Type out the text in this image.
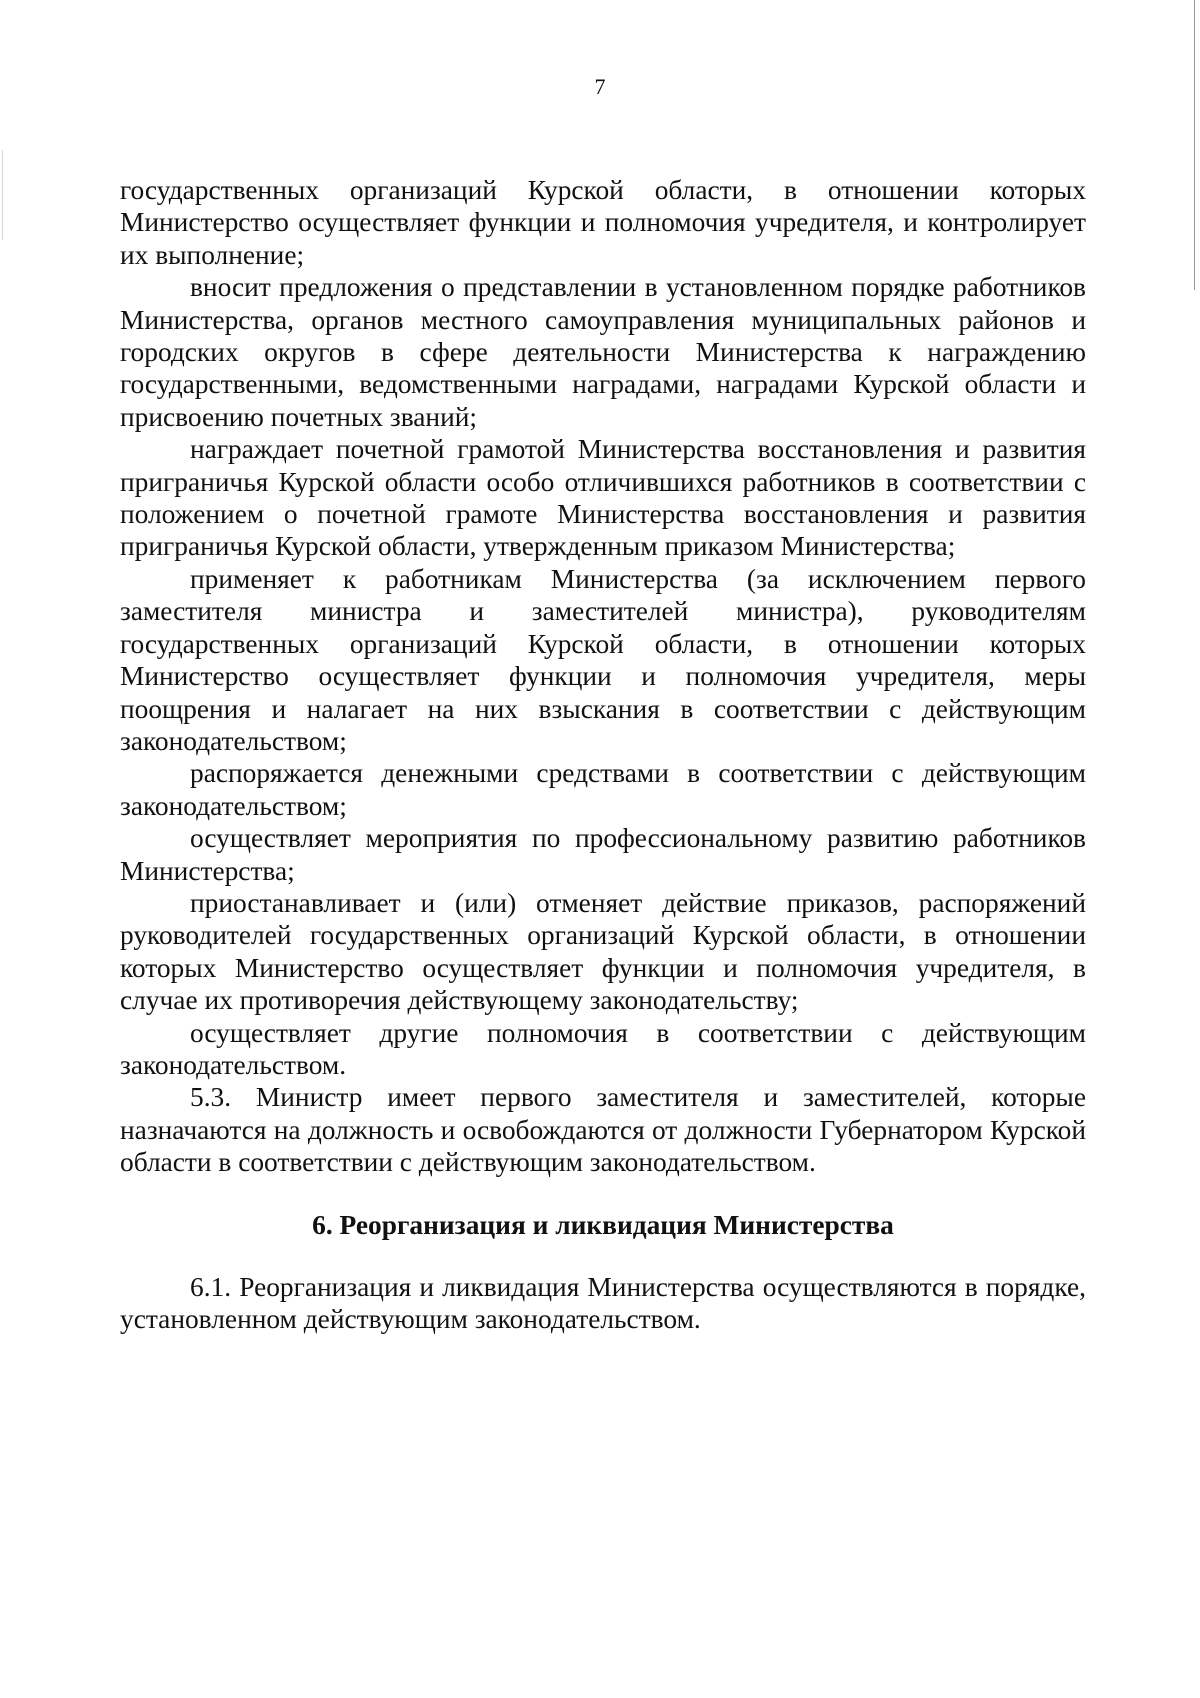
7

государственных организаций Курской области, в отношении которых Министерство осуществляет функции и полномочия учредителя, и контролирует их выполнение;

вносит предложения о представлении в установленном порядке работников Министерства, органов местного самоуправления муниципальных районов и городских округов в сфере деятельности Министерства к награждению государственными, ведомственными наградами, наградами Курской области и присвоению почетных званий;

награждает почетной грамотой Министерства восстановления и развития приграничья Курской области особо отличившихся работников в соответствии с положением о почетной грамоте Министерства восстановления и развития приграничья Курской области, утвержденным приказом Министерства;

применяет к работникам Министерства (за исключением первого заместителя министра и заместителей министра), руководителям государственных организаций Курской области, в отношении которых Министерство осуществляет функции и полномочия учредителя, меры поощрения и налагает на них взыскания в соответствии с действующим законодательством;

распоряжается денежными средствами в соответствии с действующим законодательством;

осуществляет мероприятия по профессиональному развитию работников Министерства;

приостанавливает и (или) отменяет действие приказов, распоряжений руководителей государственных организаций Курской области, в отношении которых Министерство осуществляет функции и полномочия учредителя, в случае их противоречия действующему законодательству;

осуществляет другие полномочия в соответствии с действующим законодательством.

5.3. Министр имеет первого заместителя и заместителей, которые назначаются на должность и освобождаются от должности Губернатором Курской области в соответствии с действующим законодательством.

6. Реорганизация и ликвидация Министерства

6.1. Реорганизация и ликвидация Министерства осуществляются в порядке, установленном действующим законодательством.
